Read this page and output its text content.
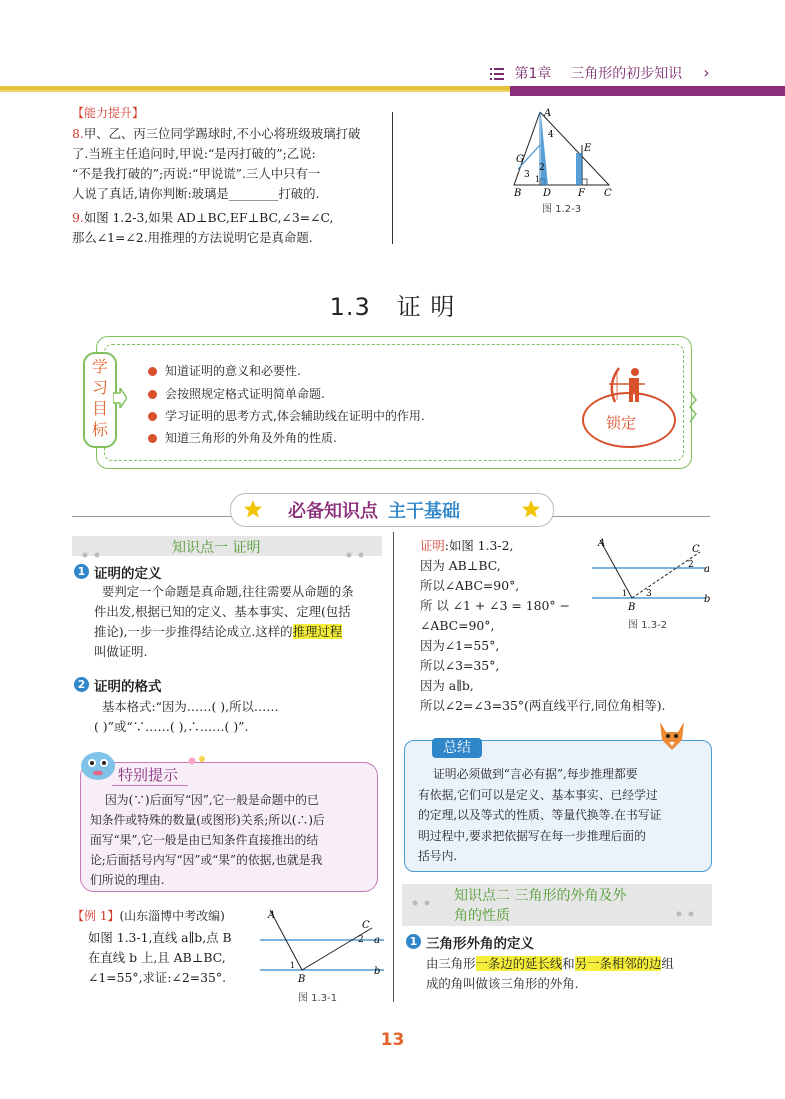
第1章 三角形的初步知识 ›
【能力提升】
8.甲、乙、丙三位同学踢球时,不小心将班级玻璃打破
了.当班主任追问时,甲说:“是丙打破的”;乙说:
“不是我打破的”;丙说:“甲说谎”.三人中只有一
人说了真话,请你判断:玻璃是________打破的.
9.如图 1.2-3,如果 AD⊥BC,EF⊥BC,∠3=∠C,
那么∠1=∠2.用推理的方法说明它是真命题.
A
4
G
2
E
3 1
B D	F C
图 1.2-3
1.3 证 明
学习目标
知道证明的意义和必要性.
会按照规定格式证明简单命题.
学习证明的思考方式,体会辅助线在证明中的作用.
知道三角形的外角及外角的性质.
锁定
必备知识点 主干基础
知识点一 证明
1 证明的定义
要判定一个命题是真命题,往往需要从命题的条
件出发,根据已知的定义、基本事实、定理(包括
推论),一步一步推得结论成立.这样的推理过程
叫做证明.
2 证明的格式
基本格式:“因为……( ),所以……
( )”或“∵……( ),∴……( )”.
特别提示
因为(∵)后面写“因”,它一般是命题中的已
知条件或特殊的数量(或图形)关系;所以(∴)后
面写“果”,它一般是由已知条件直接推出的结
论;后面括号内写“因”或“果”的依据,也就是我
们所说的理由.
【例 1】(山东淄博中考改编)
如图 1.3-1,直线 a∥b,点 B
在直线 b 上,且 AB⊥BC,
∠1=55°,求证:∠2=35°.
A
C
2 a
b
1
B
图 1.3-1
证明:如图 1.3-2,
因为 AB⊥BC,
所以∠ABC=90°,
所 以 ∠1 + ∠3 = 180° −
∠ABC=90°,
因为∠1=55°,
所以∠3=35°,
因为 a∥b,
所以∠2=∠3=35°(两直线平行,同位角相等).
A
C
2 a
b
1 3
B
图 1.3-2
总结
证明必须做到“言必有据”,每步推理都要
有依据,它们可以是定义、基本事实、已经学过
的定理,以及等式的性质、等量代换等.在书写证
明过程中,要求把依据写在每一步推理后面的
括号内.
知识点二 三角形的外角及外
角的性质
1 三角形外角的定义
由三角形一条边的延长线和另一条相邻的边组
成的角叫做该三角形的外角.
13
